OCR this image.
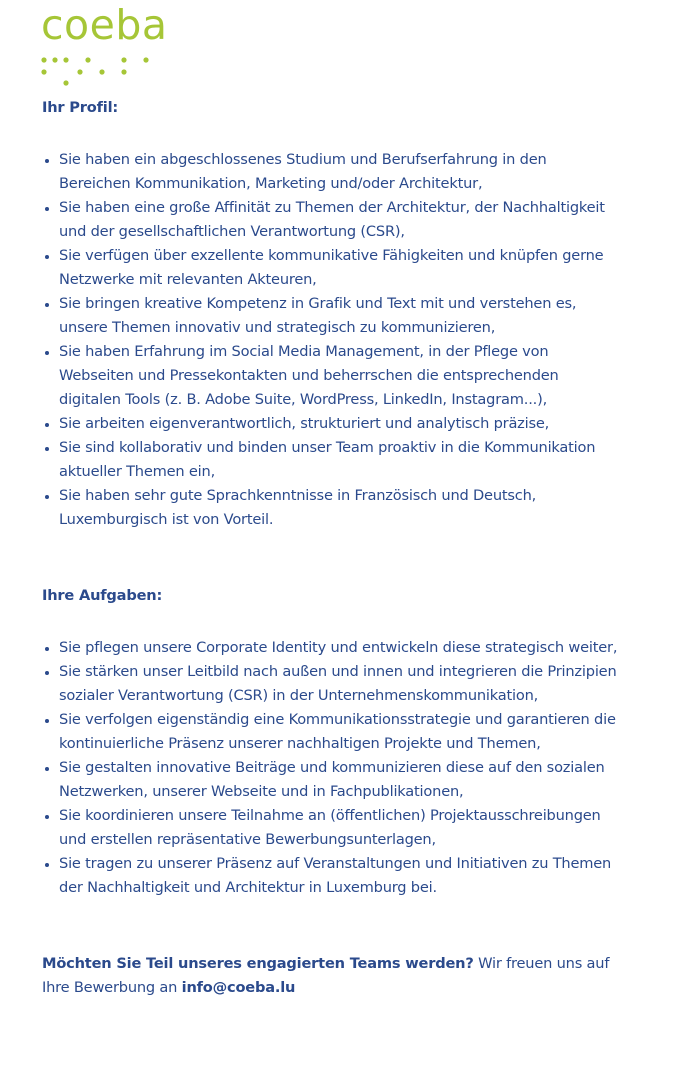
coeba
Ihr Profil:
Sie haben ein abgeschlossenes Studium und Berufserfahrung in den Bereichen Kommunikation, Marketing und/oder Architektur,
Sie haben eine große Affinität zu Themen der Architektur, der Nachhaltigkeit und der gesellschaftlichen Verantwortung (CSR),
Sie verfügen über exzellente kommunikative Fähigkeiten und knüpfen gerne Netzwerke mit relevanten Akteuren,
Sie bringen kreative Kompetenz in Grafik und Text mit und verstehen es, unsere Themen innovativ und strategisch zu kommunizieren,
Sie haben Erfahrung im Social Media Management, in der Pflege von Webseiten und Pressekontakten und beherrschen die entsprechenden digitalen Tools (z. B. Adobe Suite, WordPress, LinkedIn, Instagram...),
Sie arbeiten eigenverantwortlich, strukturiert und analytisch präzise,
Sie sind kollaborativ und binden unser Team proaktiv in die Kommunikation aktueller Themen ein,
Sie haben sehr gute Sprachkenntnisse in Französisch und Deutsch, Luxemburgisch ist von Vorteil.
Ihre Aufgaben:
Sie pflegen unsere Corporate Identity und entwickeln diese strategisch weiter,
Sie stärken unser Leitbild nach außen und innen und integrieren die Prinzipien sozialer Verantwortung (CSR) in der Unternehmenskommunikation,
Sie verfolgen eigenständig eine Kommunikationsstrategie und garantieren die kontinuierliche Präsenz unserer nachhaltigen Projekte und Themen,
Sie gestalten innovative Beiträge und kommunizieren diese auf den sozialen Netzwerken, unserer Webseite und in Fachpublikationen,
Sie koordinieren unsere Teilnahme an (öffentlichen) Projektausschreibungen und erstellen repräsentative Bewerbungsunterlagen,
Sie tragen zu unserer Präsenz auf Veranstaltungen und Initiativen zu Themen der Nachhaltigkeit und Architektur in Luxemburg bei.

Möchten Sie Teil unseres engagierten Teams werden? Wir freuen uns auf Ihre Bewerbung an info@coeba.lu
